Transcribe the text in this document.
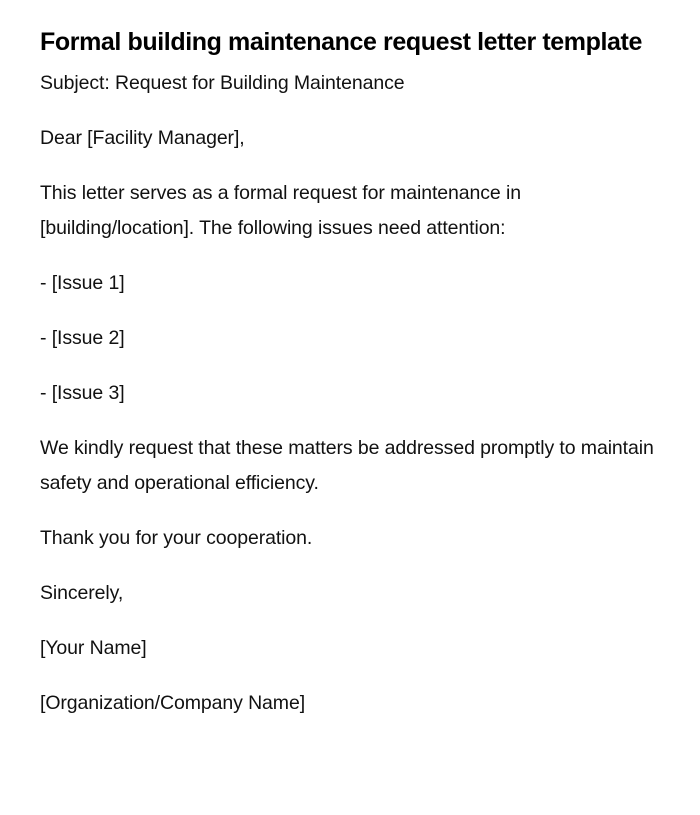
Formal building maintenance request letter template

Subject: Request for Building Maintenance

Dear [Facility Manager],

This letter serves as a formal request for maintenance in [building/location]. The following issues need attention:

- [Issue 1]

- [Issue 2]

- [Issue 3]

We kindly request that these matters be addressed promptly to maintain safety and operational efficiency.

Thank you for your cooperation.

Sincerely,

[Your Name]

[Organization/Company Name]
